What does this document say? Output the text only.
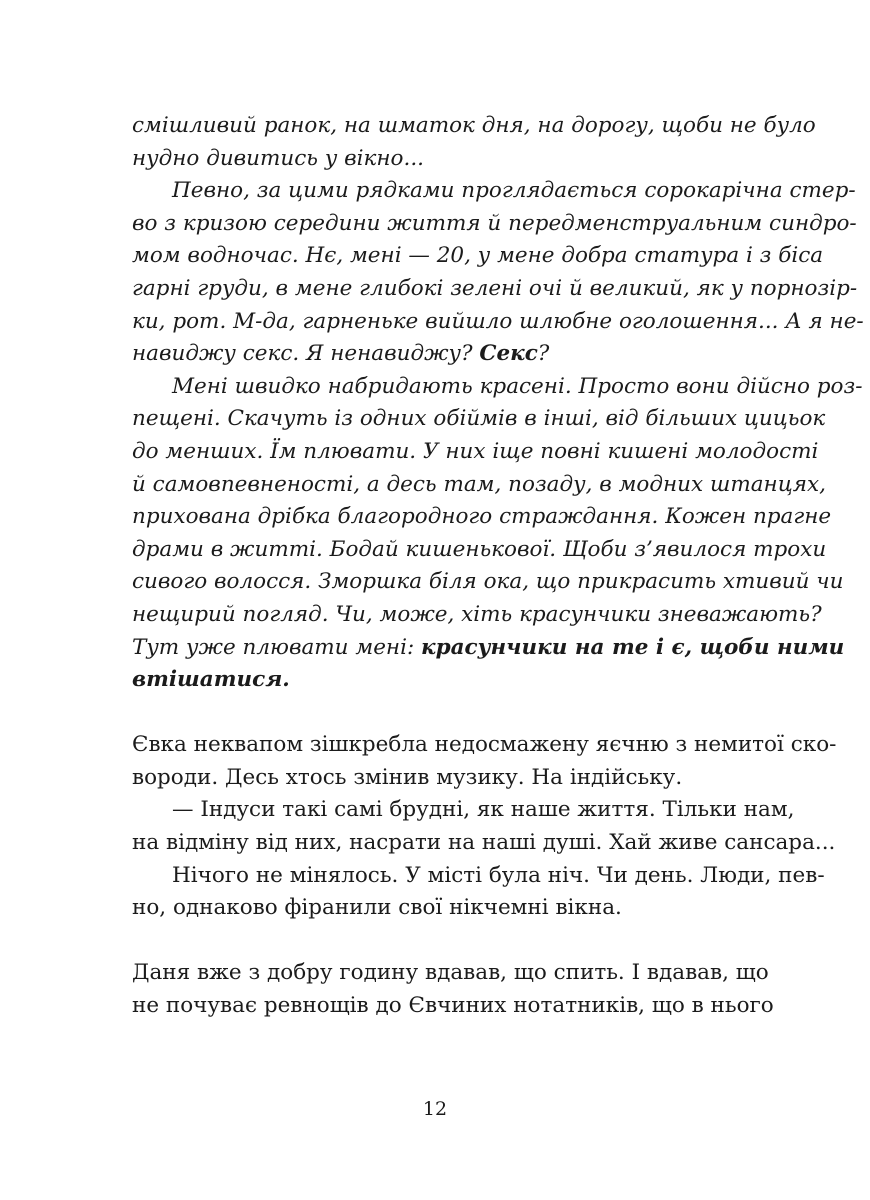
смішливий ранок, на шматок дня, на дорогу, щоби не було
нудно дивитись у вікно...
Певно, за цими рядками проглядається сорокарічна стер-
во з кризою середини життя й передменструальним синдро-
мом водночас. Нє, мені — 20, у мене добра статура і з біса
гарні груди, в мене глибокі зелені очі й великий, як у порнозір-
ки, рот. М-да, гарненьке вийшло шлюбне оголошення... А я не-
навиджу секс. Я ненавиджу? Секс?
Мені швидко набридають красені. Просто вони дійсно роз-
пещені. Скачуть із одних обіймів в інші, від більших цицьок
до менших. Їм плювати. У них іще повні кишені молодості
й самовпевненості, а десь там, позаду, в модних штанцях,
прихована дрібка благородного страждання. Кожен прагне
драми в житті. Бодай кишенькової. Щоби з’явилося трохи
сивого волосся. Зморшка біля ока, що прикрасить хтивий чи
нещирий погляд. Чи, може, хіть красунчики зневажають?
Тут уже плювати мені: красунчики на те і є, щоби ними
втішатися.
Євка неквапом зішкребла недосмажену яєчню з немитої ско-
вороди. Десь хтось змінив музику. На індійську.
— Індуси такі самі брудні, як наше життя. Тільки нам,
на відміну від них, насрати на наші душі. Хай живе сансара...
Нічого не мінялось. У місті була ніч. Чи день. Люди, пев-
но, однаково фіранили свої нікчемні вікна.
Даня вже з добру годину вдавав, що спить. І вдавав, що
не почуває ревнощів до Євчиних нотатників, що в нього
12
